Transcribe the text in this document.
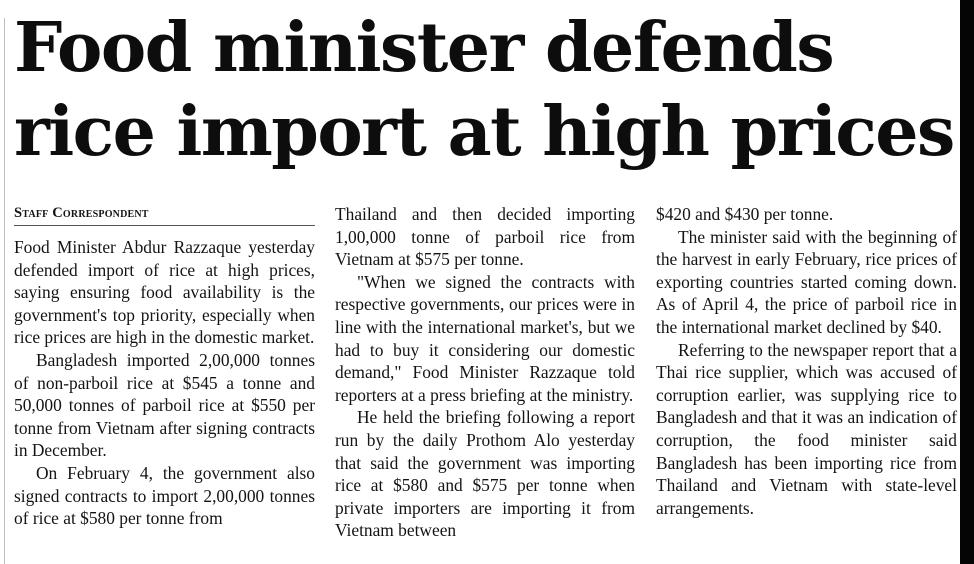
Food minister defends rice import at high prices
Staff Correspondent

Food Minister Abdur Razzaque yesterday defended import of rice at high prices, saying ensuring food availability is the government's top priority, especially when rice prices are high in the domestic market.

Bangladesh imported 2,00,000 tonnes of non-parboil rice at $545 a tonne and 50,000 tonnes of parboil rice at $550 per tonne from Vietnam after signing contracts in December.

On February 4, the government also signed contracts to import 2,00,000 tonnes of rice at $580 per tonne from

Thailand and then decided importing 1,00,000 tonne of parboil rice from Vietnam at $575 per tonne.

"When we signed the contracts with respective governments, our prices were in line with the international market's, but we had to buy it considering our domestic demand," Food Minister Razzaque told reporters at a press briefing at the ministry.

He held the briefing following a report run by the daily Prothom Alo yesterday that said the government was importing rice at $580 and $575 per tonne when private importers are importing it from Vietnam between

$420 and $430 per tonne.

The minister said with the beginning of the harvest in early February, rice prices of exporting countries started coming down. As of April 4, the price of parboil rice in the international market declined by $40.

Referring to the newspaper report that a Thai rice supplier, which was accused of corruption earlier, was supplying rice to Bangladesh and that it was an indication of corruption, the food minister said Bangladesh has been importing rice from Thailand and Vietnam with state-level arrangements.
